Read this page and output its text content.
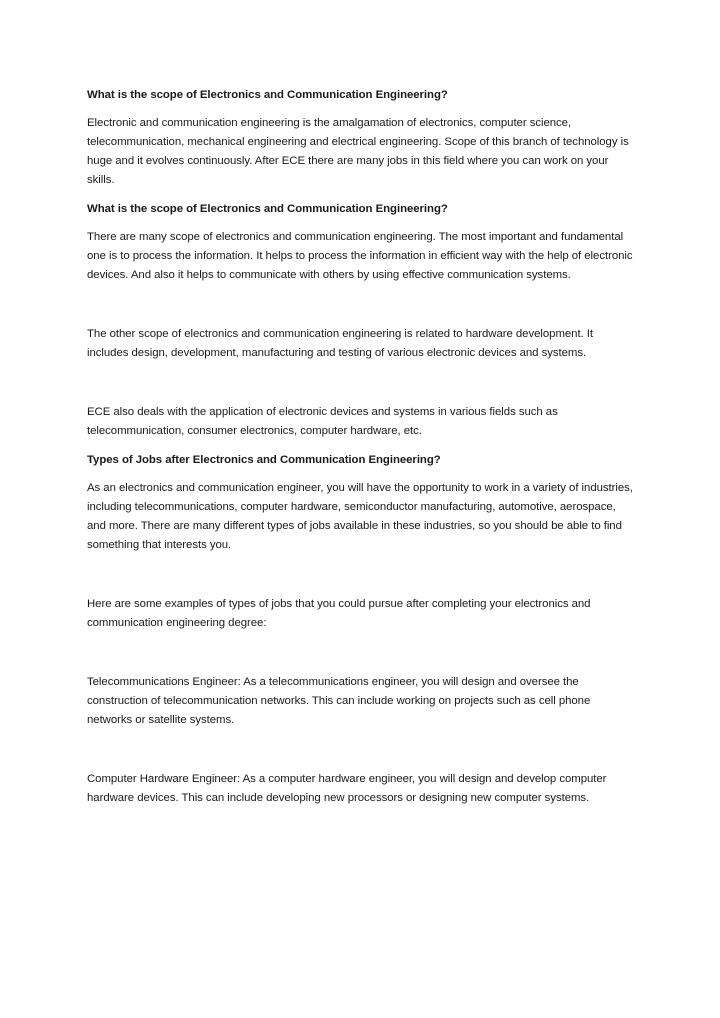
What is the scope of Electronics and Communication Engineering?

Electronic and communication engineering is the amalgamation of electronics, computer science, telecommunication, mechanical engineering and electrical engineering. Scope of this branch of technology is huge and it evolves continuously. After ECE there are many jobs in this field where you can work on your skills.

What is the scope of Electronics and Communication Engineering?

There are many scope of electronics and communication engineering. The most important and fundamental one is to process the information. It helps to process the information in efficient way with the help of electronic devices. And also it helps to communicate with others by using effective communication systems.

The other scope of electronics and communication engineering is related to hardware development. It includes design, development, manufacturing and testing of various electronic devices and systems.

ECE also deals with the application of electronic devices and systems in various fields such as telecommunication, consumer electronics, computer hardware, etc.

Types of Jobs after Electronics and Communication Engineering?

As an electronics and communication engineer, you will have the opportunity to work in a variety of industries, including telecommunications, computer hardware, semiconductor manufacturing, automotive, aerospace, and more. There are many different types of jobs available in these industries, so you should be able to find something that interests you.

Here are some examples of types of jobs that you could pursue after completing your electronics and communication engineering degree:

Telecommunications Engineer: As a telecommunications engineer, you will design and oversee the construction of telecommunication networks. This can include working on projects such as cell phone networks or satellite systems.

Computer Hardware Engineer: As a computer hardware engineer, you will design and develop computer hardware devices. This can include developing new processors or designing new computer systems.
